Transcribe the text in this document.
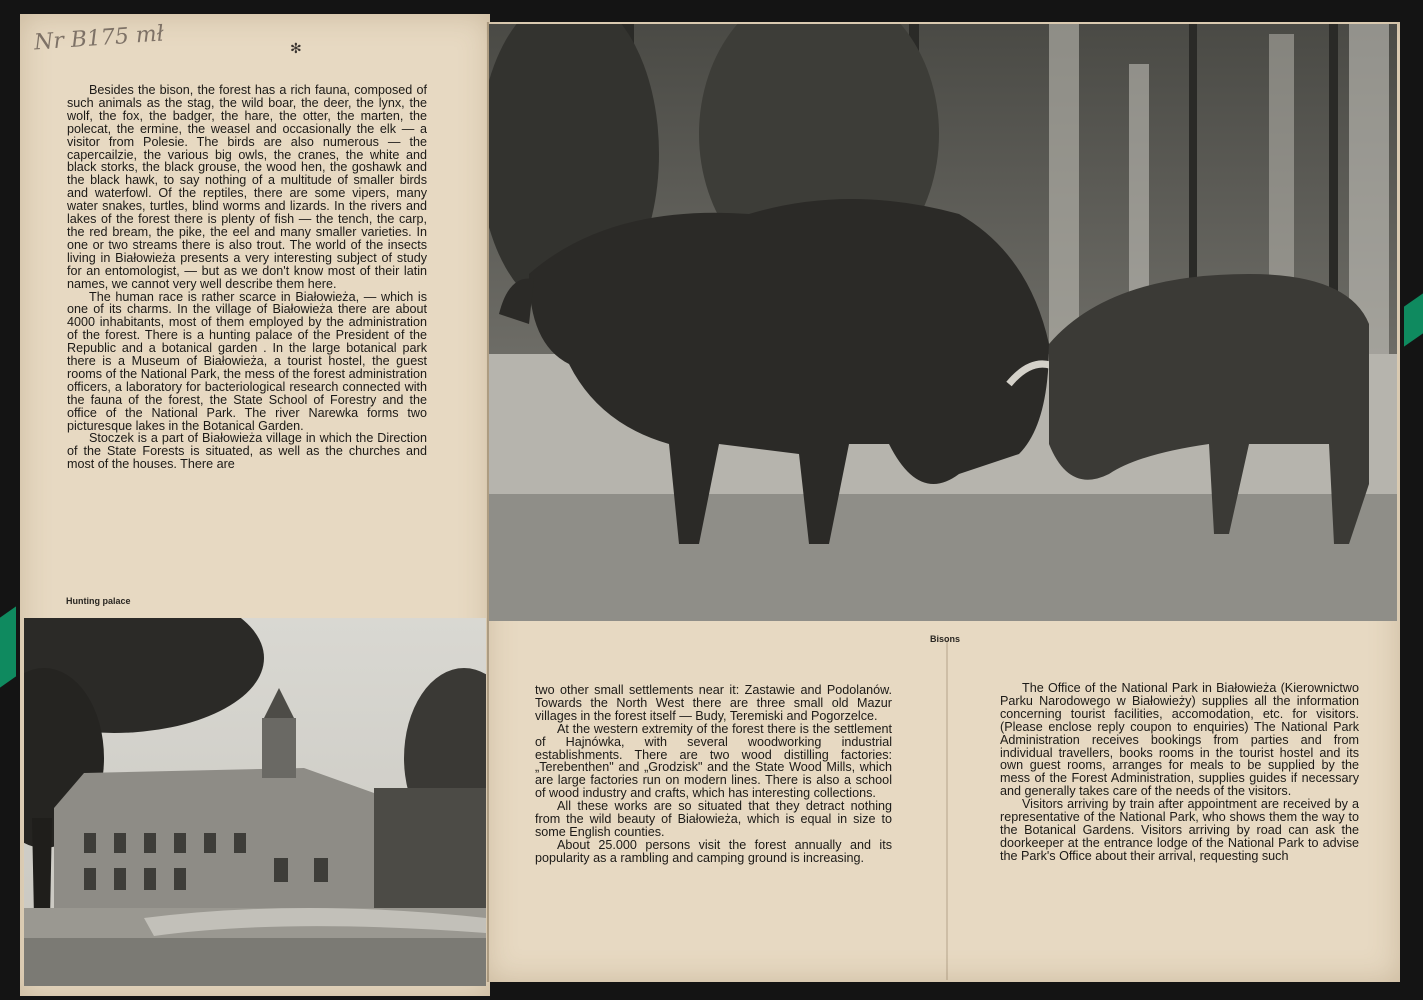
Nr B175 mł	✻

Besides the bison, the forest has a rich fauna, composed of such animals as the stag, the wild boar, the deer, the lynx, the wolf, the fox, the badger, the hare, the otter, the marten, the polecat, the ermine, the weasel and occasionally the elk — a visitor from Polesie. The birds are also numerous — the capercailzie, the various big owls, the cranes, the white and black storks, the black grouse, the wood hen, the goshawk and the black hawk, to say nothing of a multitude of smaller birds and waterfowl. Of the reptiles, there are some vipers, many water snakes, turtles, blind worms and lizards. In the rivers and lakes of the forest there is plenty of fish — the tench, the carp, the red bream, the pike, the eel and many smaller varieties. In one or two streams there is also trout. The world of the insects living in Białowieża presents a very interesting subject of study for an entomologist, — but as we don't know most of their latin names, we cannot very well describe them here.

The human race is rather scarce in Białowieża, — which is one of its charms. In the village of Białowieża there are about 4000 inhabitants, most of them employed by the administration of the forest. There is a hunting palace of the President of the Republic and a botanical garden . In the large botanical park there is a Museum of Białowieża, a tourist hostel, the guest rooms of the National Park, the mess of the forest administration officers, a laboratory for bacteriological research connected with the fauna of the forest, the State School of Forestry and the office of the National Park. The river Narewka forms two picturesque lakes in the Botanical Garden.

Stoczek is a part of Białowieża village in which the Direction of the State Forests is situated, as well as the churches and most of the houses. There are

Hunting palace
Bisons

two other small settlements near it: Zastawie and Podolanów. Towards the North West there are three small old Mazur villages in the forest itself — Budy, Teremiski and Pogorzelce.

At the western extremity of the forest there is the settlement of Hajnówka, with several woodworking industrial establishments. There are two wood distilling factories: „Terebenthen" and „Grodzisk" and the State Wood Mills, which are large factories run on modern lines. There is also a school of wood industry and crafts, which has interesting collections.

All these works are so situated that they detract nothing from the wild beauty of Białowieża, which is equal in size to some English counties.

About 25.000 persons visit the forest annually and its popularity as a rambling and camping ground is increasing.

The Office of the National Park in Białowieża (Kierownictwo Parku Narodowego w Białowieży) supplies all the information concerning tourist facilities, accomodation, etc. for visitors. (Please enclose reply coupon to enquiries) The National Park Administration receives bookings from parties and from individual travellers, books rooms in the tourist hostel and its own guest rooms, arranges for meals to be supplied by the mess of the Forest Administration, supplies guides if necessary and generally takes care of the needs of the visitors.

Visitors arriving by train after appointment are received by a representative of the National Park, who shows them the way to the Botanical Gardens. Visitors arriving by road can ask the doorkeeper at the entrance lodge of the National Park to advise the Park's Office about their arrival, requesting such
